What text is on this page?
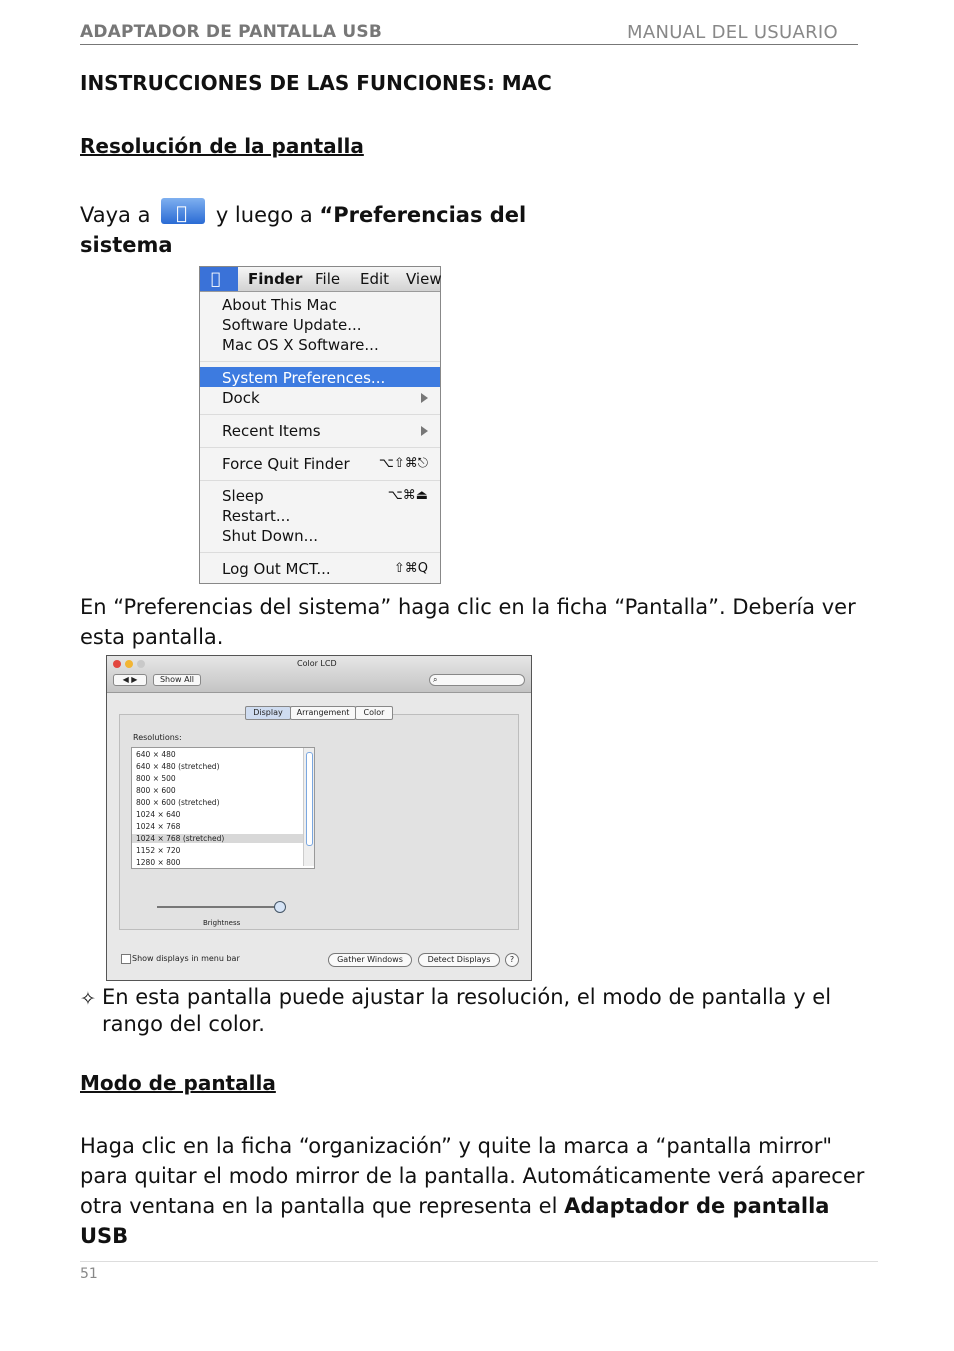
ADAPTADOR DE PANTALLA USB	MANUAL DEL USUARIO
INSTRUCCIONES DE LAS FUNCIONES: MAC
Resolución de la pantalla
Vaya a	y luego a “Preferencias del sistema
Finder File Edit View
About This Mac
Software Update...
Mac OS X Software...
System Preferences...
Dock
Recent Items
Force Quit Finder ⌥⇧⌘⎋
Sleep	⌥⌘⏏
Restart...
Shut Down...
Log Out MCT...	⇧⌘Q
En “Preferencias del sistema” haga clic en la ficha “Pantalla”. Debería ver esta pantalla.
Color LCD
◀ ▶	Show All	⌕
Display	Arrangement	Color
Resolutions:
640 × 480
640 × 480 (stretched)
800 × 500
800 × 600
800 × 600 (stretched)
1024 × 640
1024 × 768
1024 × 768 (stretched)
1152 × 720
1280 × 800
Brightness
Show displays in menu bar	Gather Windows	Detect Displays	?
✧ En esta pantalla puede ajustar la resolución, el modo de pantalla y el rango del color.
Modo de pantalla
Haga clic en la ficha “organización” y quite la marca a “pantalla mirror" para quitar el modo mirror de la pantalla. Automáticamente verá aparecer otra ventana en la pantalla que representa el Adaptador de pantalla USB
51
